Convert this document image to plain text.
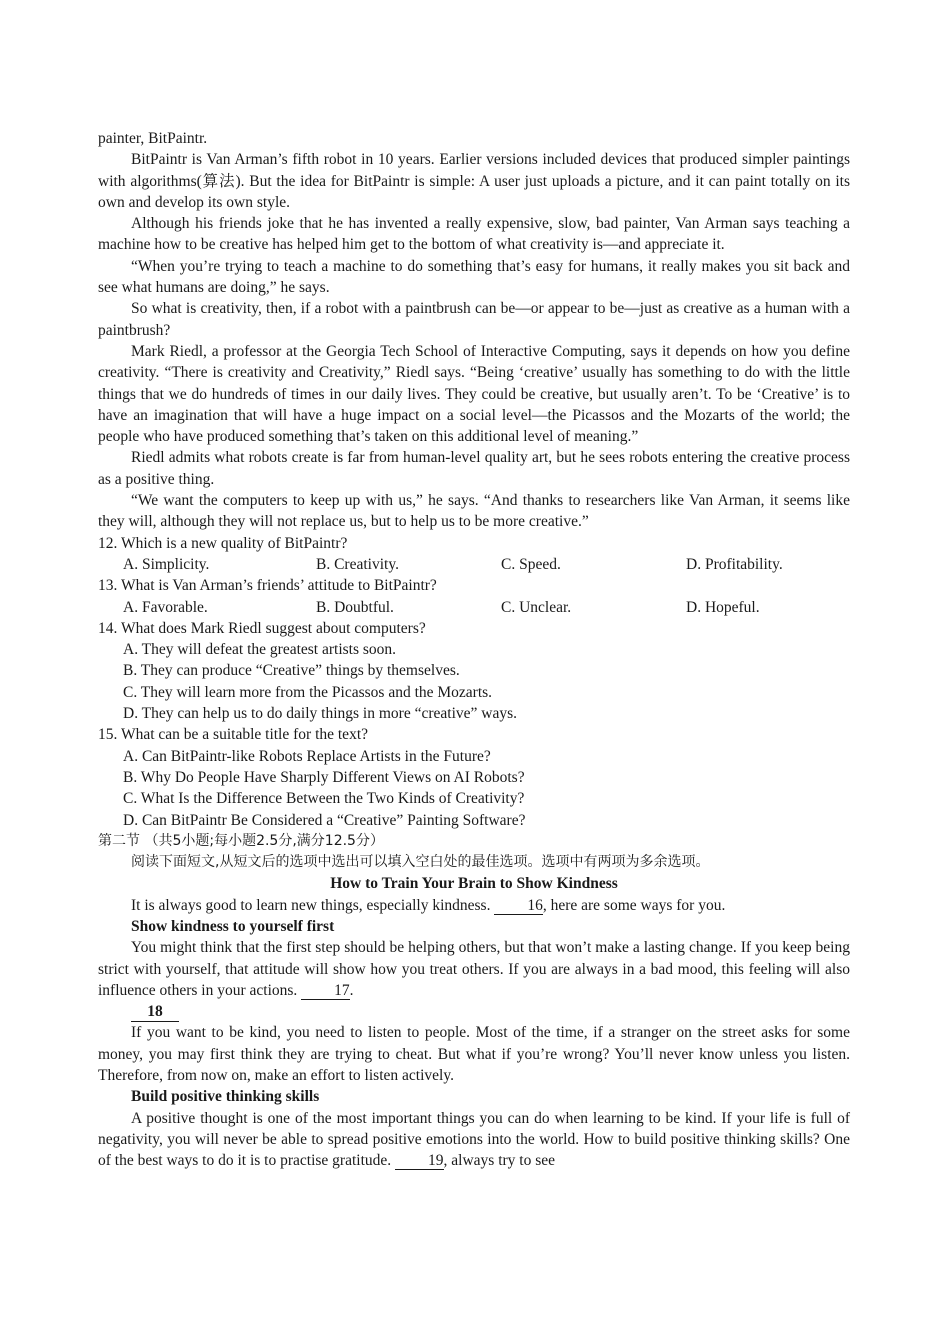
painter, BitPaintr.

BitPaintr is Van Arman’s fifth robot in 10 years. Earlier versions included devices that produced simpler paintings with algorithms(算法). But the idea for BitPaintr is simple: A user just uploads a picture, and it can paint totally on its own and develop its own style.

Although his friends joke that he has invented a really expensive, slow, bad painter, Van Arman says teaching a machine how to be creative has helped him get to the bottom of what creativity is—and appreciate it.

“When you’re trying to teach a machine to do something that’s easy for humans, it really makes you sit back and see what humans are doing,” he says.

So what is creativity, then, if a robot with a paintbrush can be—or appear to be—just as creative as a human with a paintbrush?

Mark Riedl, a professor at the Georgia Tech School of Interactive Computing, says it depends on how you define creativity. “There is creativity and Creativity,” Riedl says. “Being ‘creative’ usually has something to do with the little things that we do hundreds of times in our daily lives. They could be creative, but usually aren’t. To be ‘Creative’ is to have an imagination that will have a huge impact on a social level—the Picassos and the Mozarts of the world; the people who have produced something that’s taken on this additional level of meaning.”

Riedl admits what robots create is far from human-level quality art, but he sees robots entering the creative process as a positive thing.

“We want the computers to keep up with us,” he says. “And thanks to researchers like Van Arman, it seems like they will, although they will not replace us, but to help us to be more creative.”

12. Which is a new quality of BitPaintr?

A. Simplicity.	B. Creativity.	C. Speed.	D. Profitability.

13. What is Van Arman’s friends’ attitude to BitPaintr?

A. Favorable.	B. Doubtful.	C. Unclear.	D. Hopeful.

14. What does Mark Riedl suggest about computers?

A. They will defeat the greatest artists soon.

B. They can produce “Creative” things by themselves.

C. They will learn more from the Picassos and the Mozarts.

D. They can help us to do daily things in more “creative” ways.

15. What can be a suitable title for the text?

A. Can BitPaintr-like Robots Replace Artists in the Future?

B. Why Do People Have Sharply Different Views on AI Robots?

C. What Is the Difference Between the Two Kinds of Creativity?

D. Can BitPaintr Be Considered a “Creative” Painting Software?

第二节 （共5小题;每小题2.5分,满分12.5分）

阅读下面短文,从短文后的选项中选出可以填入空白处的最佳选项。选项中有两项为多余选项。

How to Train Your Brain to Show Kindness

It is always good to learn new things, especially kindness. 16, here are some ways for you.

Show kindness to yourself first

You might think that the first step should be helping others, but that won’t make a lasting change. If you keep being strict with yourself, that attitude will show how you treat others. If you are always in a bad mood, this feeling will also influence others in your actions. 17.

18

If you want to be kind, you need to listen to people. Most of the time, if a stranger on the street asks for some money, you may first think they are trying to cheat. But what if you’re wrong? You’ll never know unless you listen. Therefore, from now on, make an effort to listen actively.

Build positive thinking skills

A positive thought is one of the most important things you can do when learning to be kind. If your life is full of negativity, you will never be able to spread positive emotions into the world. How to build positive thinking skills? One of the best ways to do it is to practise gratitude. 19, always try to see
